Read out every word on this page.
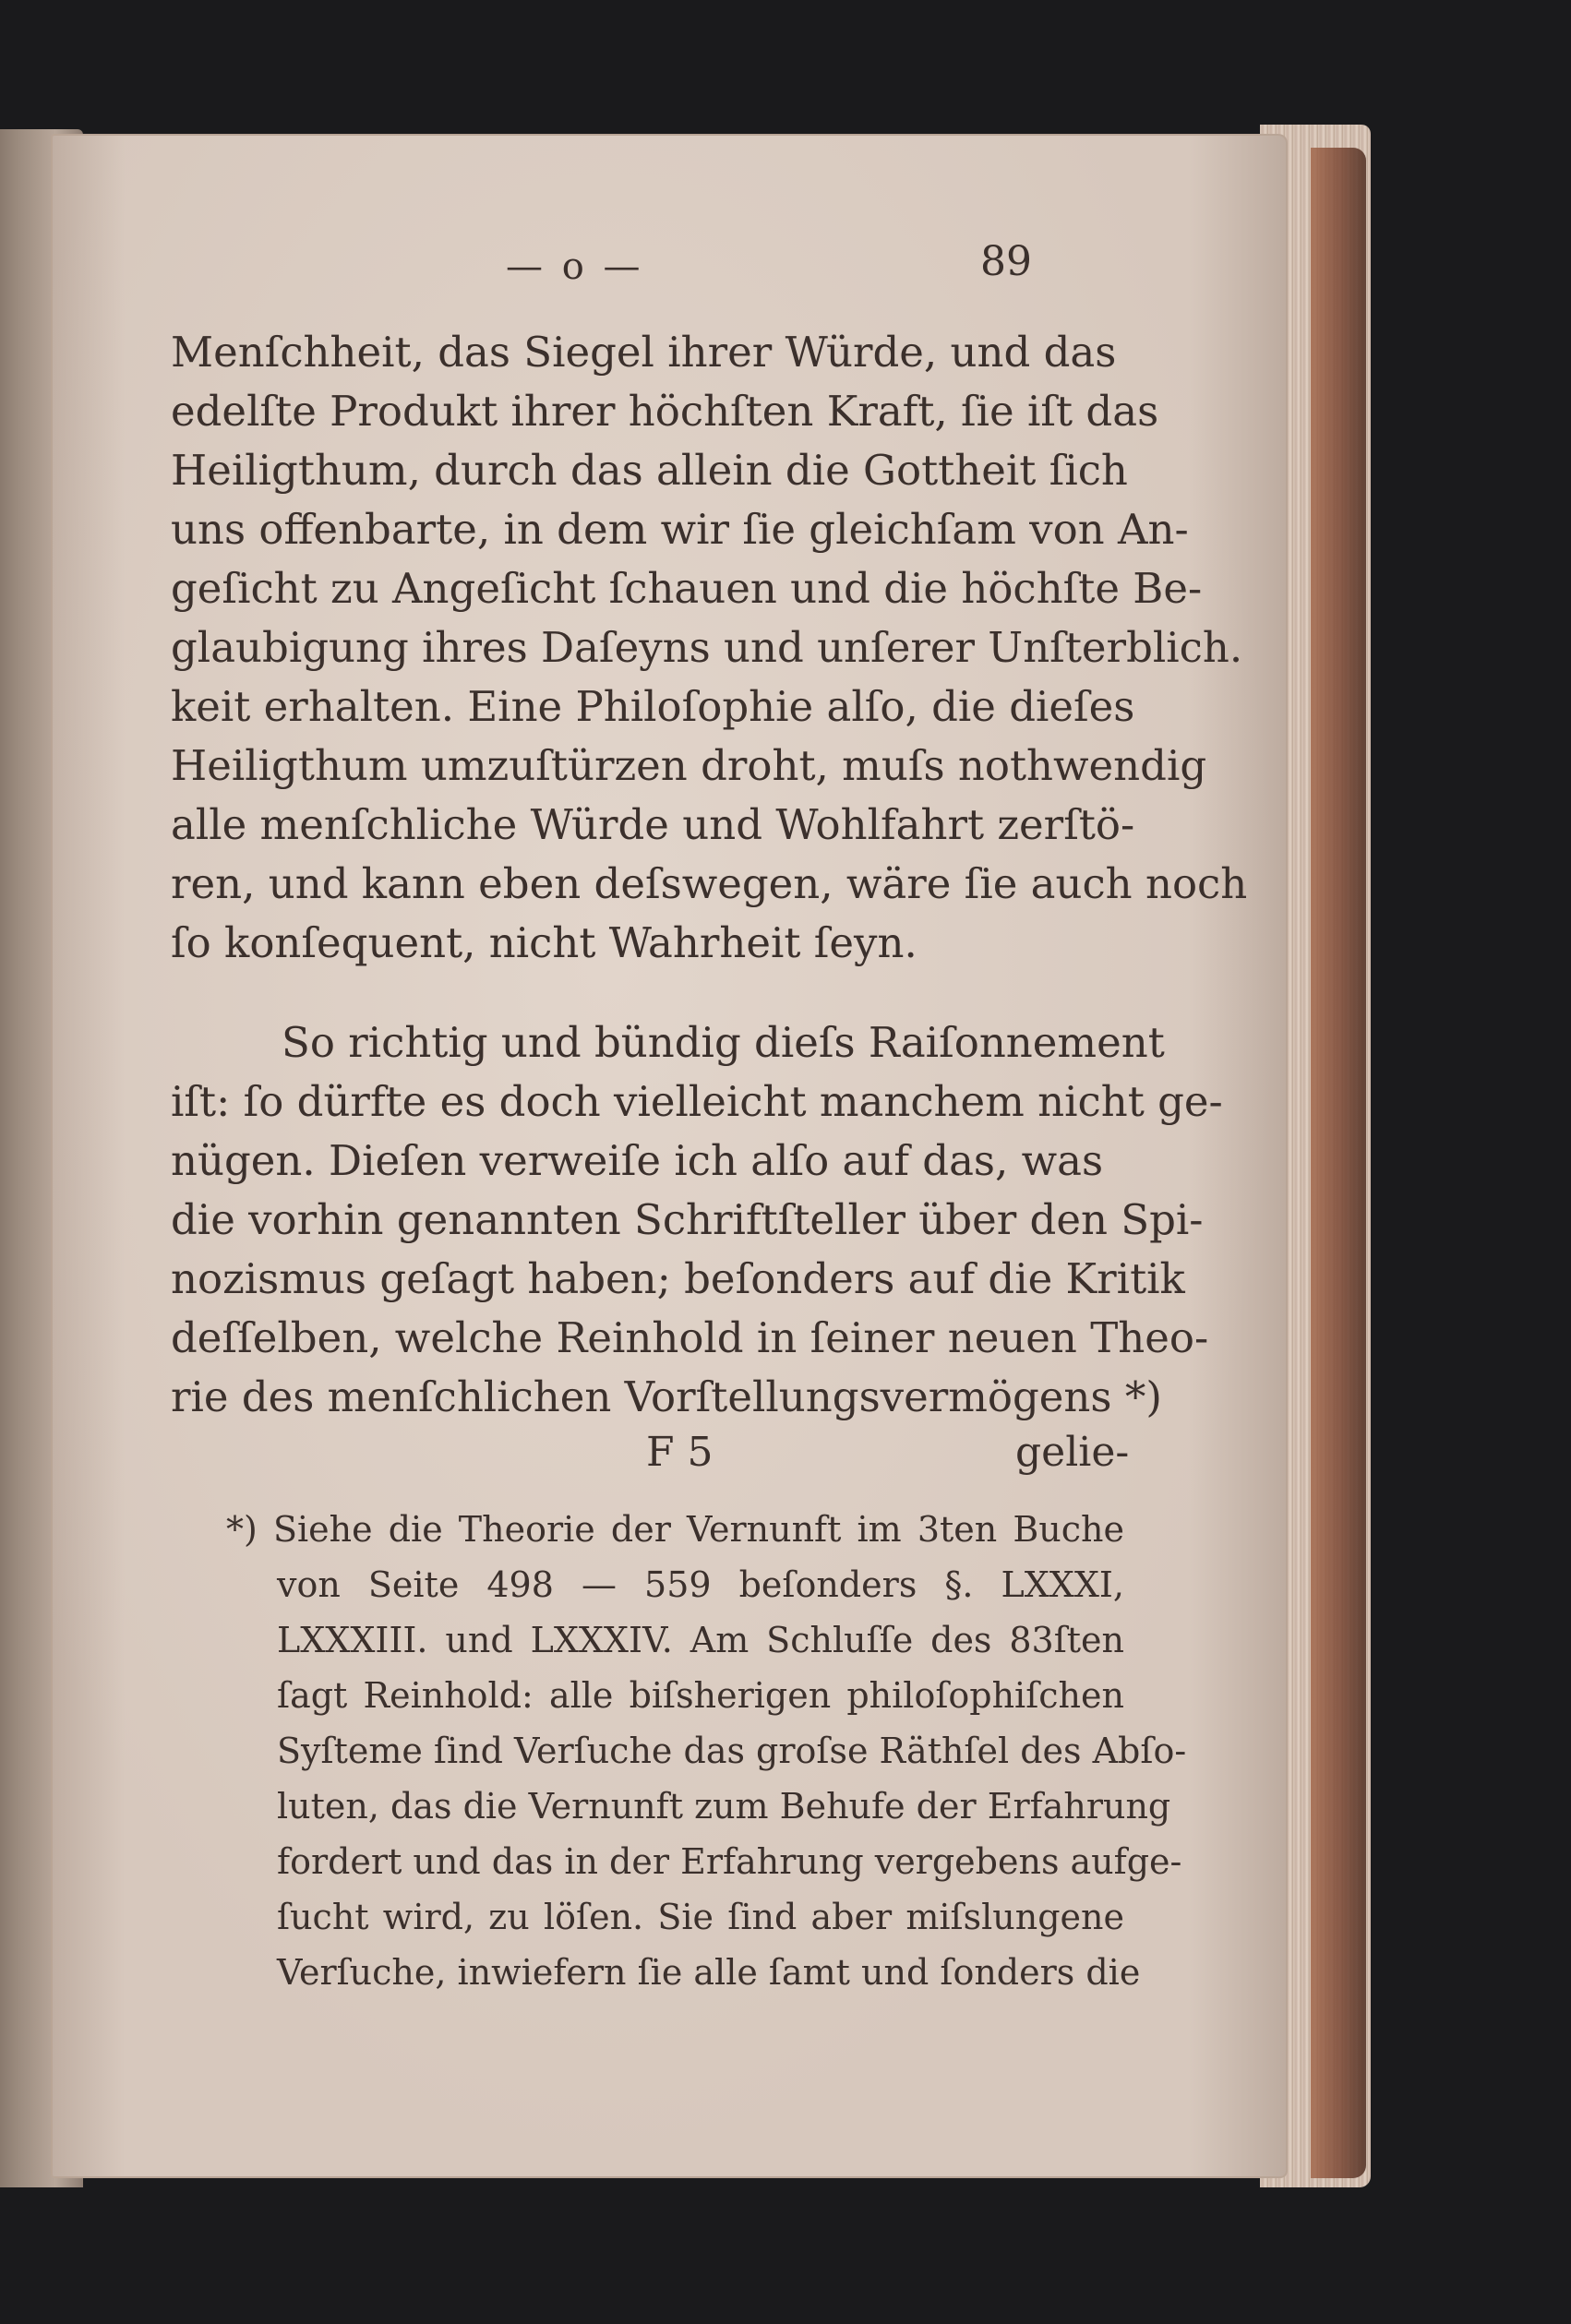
— o —	89
Menſchheit, das Siegel ihrer Würde, und das
edelſte Produkt ihrer höchſten Kraft, ſie iſt das
Heiligthum, durch das allein die Gottheit ſich
uns offenbarte, in dem wir ſie gleichſam von An-
geſicht zu Angeſicht ſchauen und die höchſte Be-
glaubigung ihres Daſeyns und unſerer Unſterblich.
keit erhalten. Eine Philoſophie alſo, die dieſes
Heiligthum umzuſtürzen droht, muſs nothwendig
alle menſchliche Würde und Wohlfahrt zerſtö-
ren, und kann eben deſswegen, wäre ſie auch noch
ſo konſequent, nicht Wahrheit ſeyn.
So richtig und bündig dieſs Raiſonnement
iſt: ſo dürfte es doch vielleicht manchem nicht ge-
nügen. Dieſen verweiſe ich alſo auf das, was
die vorhin genannten Schriftſteller über den Spi-
nozismus geſagt haben; beſonders auf die Kritik
deſſelben, welche Reinhold in ſeiner neuen Theo-
rie des menſchlichen Vorſtellungsvermögens *)
F 5	gelie-
*) Siehe die Theorie der Vernunft im 3ten Buche
von Seite 498 — 559 beſonders §. LXXXI,
LXXXIII. und LXXXIV. Am Schluſſe des 83ſten
ſagt Reinhold: alle biſsherigen philoſophiſchen
Syſteme ſind Verſuche das groſse Räthſel des Abſo-
luten, das die Vernunft zum Behufe der Erfahrung
fordert und das in der Erfahrung vergebens aufge-
ſucht wird, zu löſen. Sie ſind aber miſslungene
Verſuche, inwiefern ſie alle ſamt und ſonders die
